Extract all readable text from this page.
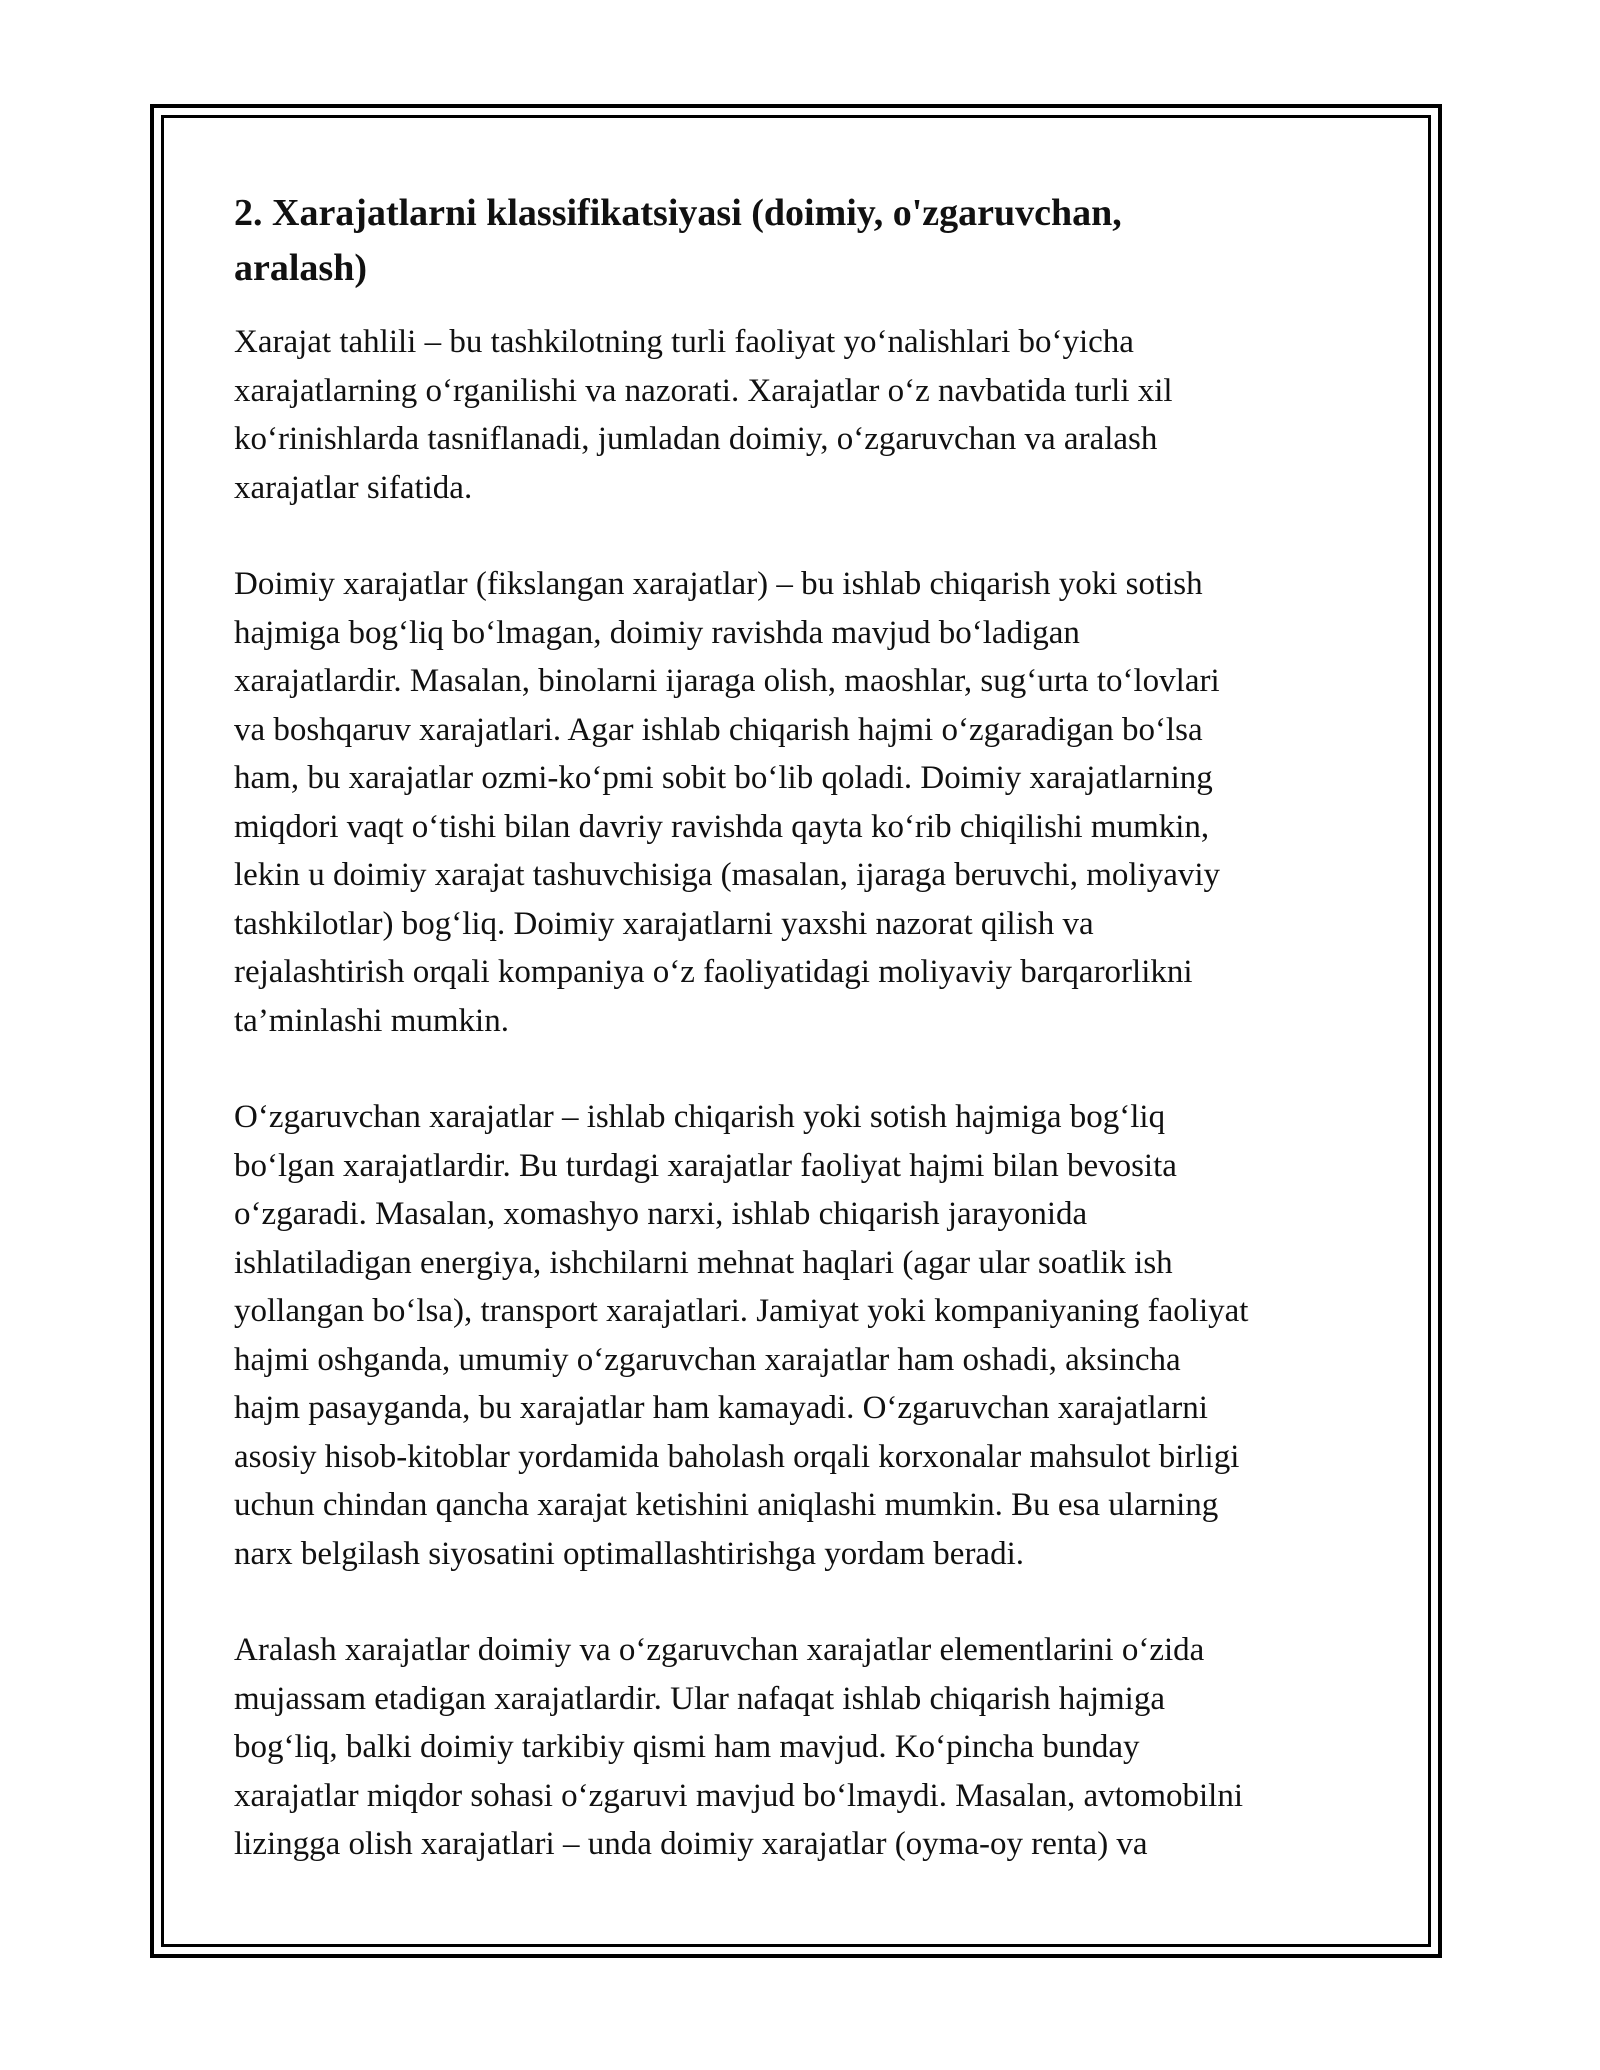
2. Xarajatlarni klassifikatsiyasi (doimiy, o'zgaruvchan,
aralash)

Xarajat tahlili – bu tashkilotning turli faoliyat yoʻnalishlari boʻyicha
xarajatlarning oʻrganilishi va nazorati. Xarajatlar oʻz navbatida turli xil
koʻrinishlarda tasniflanadi, jumladan doimiy, oʻzgaruvchan va aralash
xarajatlar sifatida.

Doimiy xarajatlar (fikslangan xarajatlar) – bu ishlab chiqarish yoki sotish
hajmiga bogʻliq boʻlmagan, doimiy ravishda mavjud boʻladigan
xarajatlardir. Masalan, binolarni ijaraga olish, maoshlar, sugʻurta toʻlovlari
va boshqaruv xarajatlari. Agar ishlab chiqarish hajmi oʻzgaradigan boʻlsa
ham, bu xarajatlar ozmi-koʻpmi sobit boʻlib qoladi. Doimiy xarajatlarning
miqdori vaqt oʻtishi bilan davriy ravishda qayta koʻrib chiqilishi mumkin,
lekin u doimiy xarajat tashuvchisiga (masalan, ijaraga beruvchi, moliyaviy
tashkilotlar) bogʻliq. Doimiy xarajatlarni yaxshi nazorat qilish va
rejalashtirish orqali kompaniya oʻz faoliyatidagi moliyaviy barqarorlikni
ta’minlashi mumkin.

Oʻzgaruvchan xarajatlar – ishlab chiqarish yoki sotish hajmiga bogʻliq
boʻlgan xarajatlardir. Bu turdagi xarajatlar faoliyat hajmi bilan bevosita
oʻzgaradi. Masalan, xomashyo narxi, ishlab chiqarish jarayonida
ishlatiladigan energiya, ishchilarni mehnat haqlari (agar ular soatlik ish
yollangan boʻlsa), transport xarajatlari. Jamiyat yoki kompaniyaning faoliyat
hajmi oshganda, umumiy oʻzgaruvchan xarajatlar ham oshadi, aksincha
hajm pasayganda, bu xarajatlar ham kamayadi. Oʻzgaruvchan xarajatlarni
asosiy hisob-kitoblar yordamida baholash orqali korxonalar mahsulot birligi
uchun chindan qancha xarajat ketishini aniqlashi mumkin. Bu esa ularning
narx belgilash siyosatini optimallashtirishga yordam beradi.

Aralash xarajatlar doimiy va oʻzgaruvchan xarajatlar elementlarini oʻzida
mujassam etadigan xarajatlardir. Ular nafaqat ishlab chiqarish hajmiga
bogʻliq, balki doimiy tarkibiy qismi ham mavjud. Koʻpincha bunday
xarajatlar miqdor sohasi oʻzgaruvi mavjud boʻlmaydi. Masalan, avtomobilni
lizingga olish xarajatlari – unda doimiy xarajatlar (oyma-oy renta) va
